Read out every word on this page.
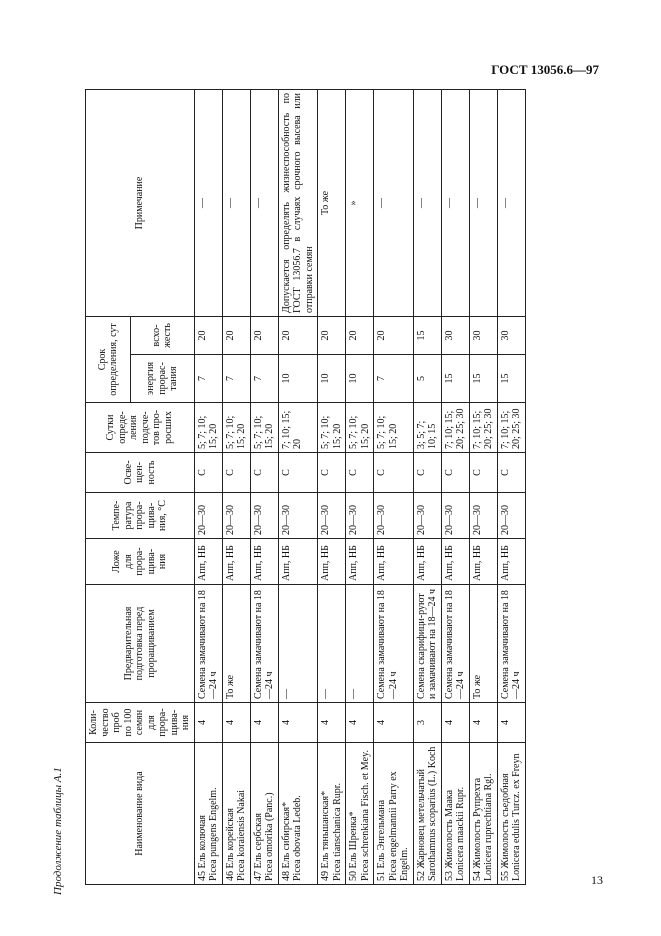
ГОСТ 13056.6—97
Продолжение таблицы А.1	Наименование вида	Коли-чество проб по 100 семян для прора-щива-ния	Предварительная подготовка перед проращиванием	Ложе для прора-щива-ния	Темпе-ратура прора-щива-ния, °С	Осве-щен-ность	Сутки опреде-ления подсче-тов про-росших	Срок определения, сут		Примечание
							энергия прорас-тания	всхо-жесть	

45 Ель колючая Picea pungens Engelm.	4	Семена замачивают на 18—24 ч	Апп, НБ	20—30	С	5; 7; 10; 15; 20	7	20	—

46 Ель корейская Picea koraiensis Nakai	4	То же	Апп, НБ	20—30	С	5; 7; 10; 15; 20	7	20	—

47 Ель сербская Picea omorika (Panc.)	4	Семена замачивают на 18—24 ч	Апп, НБ	20—30	С	5; 7; 10; 15; 20	7	20	—

48 Ель сибирская* Picea obovata Ledeb.	4	—	Апп, НБ	20—30	С	7; 10; 15; 20	10	20	Допускается определять жизнеспособность по ГОСТ 13056.7 в случаях срочного высева или отправки семян

49 Ель тяньшанская* Picea tianschanica Rupr.	4	—	Апп, НБ	20—30	С	5; 7; 10; 15; 20	10	20	То же

50 Ель Шренка* Picea schrenkiana Fisch. et Mey.	4	—	Апп, НБ	20—30	С	5; 7; 10; 15; 20	10	20	»

51 Ель Энгельмана Picea engelmannii Parry ex Engelm.	4	Семена замачивают на 18—24 ч	Апп, НБ	20—30	С	5; 7; 10; 15; 20	7	20	—

52 Жарновец метельчатый Sarothamnus scoparius (L.) Koch	3	Семена скарифици-руют и замачивают на 18—24 ч	Апп, НБ	20—30	С	3; 5; 7; 10; 15	5	15	—

53 Жимолость Маака Lonicera maackii Rupr.	4	Семена замачивают на 18—24 ч	Апп, НБ	20—30	С	7; 10; 15; 20; 25; 30	15	30	—

54 Жимолость Рупрехта Lonicera ruprechtiana Rgl.	4	То же	Апп, НБ	20—30	С	7; 10; 15; 20; 25; 30	15	30	—

55 Жимолость съедобная Lonicera edulis Turcz. ex Freyn	4	Семена замачивают на 18—24 ч	Апп, НБ	20—30	С	7; 10; 15; 20; 25; 30	15	30	—
13
